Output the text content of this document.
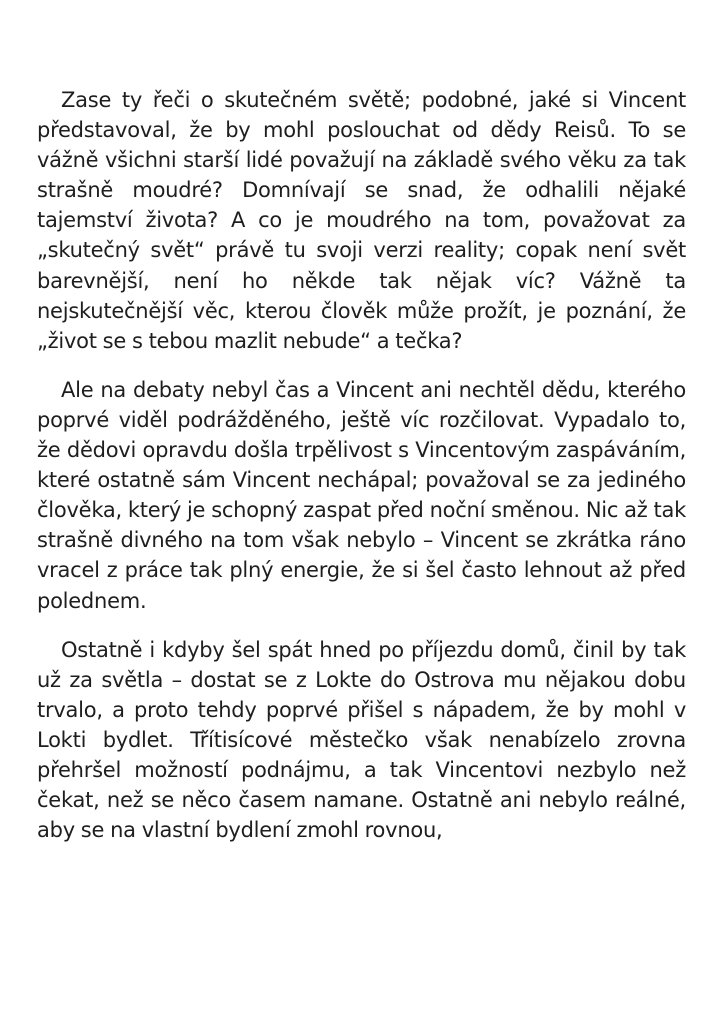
Zase ty řeči o skutečném světě; podobné, jaké si Vincent představoval, že by mohl poslouchat od dědy Reisů. To se vážně všichni starší lidé považují na základě svého věku za tak strašně moudré? Domnívají se snad, že odhalili nějaké tajemství života? A co je moudrého na tom, považovat za „skutečný svět“ právě tu svoji verzi reality; copak není svět barevnější, není ho někde tak nějak víc? Vážně ta nejskutečnější věc, kterou člověk může prožít, je poznání, že „život se s tebou mazlit nebude“ a tečka?

Ale na debaty nebyl čas a Vincent ani nechtěl dědu, kterého poprvé viděl podrážděného, ještě víc rozčilovat. Vypadalo to, že dědovi opravdu došla trpělivost s Vincentovým zaspáváním, které ostatně sám Vincent nechápal; považoval se za jediného člověka, který je schopný zaspat před noční směnou. Nic až tak strašně divného na tom však nebylo – Vincent se zkrátka ráno vracel z práce tak plný energie, že si šel často lehnout až před polednem.

Ostatně i kdyby šel spát hned po příjezdu domů, činil by tak už za světla – dostat se z Lokte do Ostrova mu nějakou dobu trvalo, a proto tehdy poprvé přišel s nápadem, že by mohl v Lokti bydlet. Třítisícové městečko však nenabízelo zrovna přehršel možností podnájmu, a tak Vincentovi nezbylo než čekat, než se něco časem namane. Ostatně ani nebylo reálné, aby se na vlastní bydlení zmohl rovnou,
